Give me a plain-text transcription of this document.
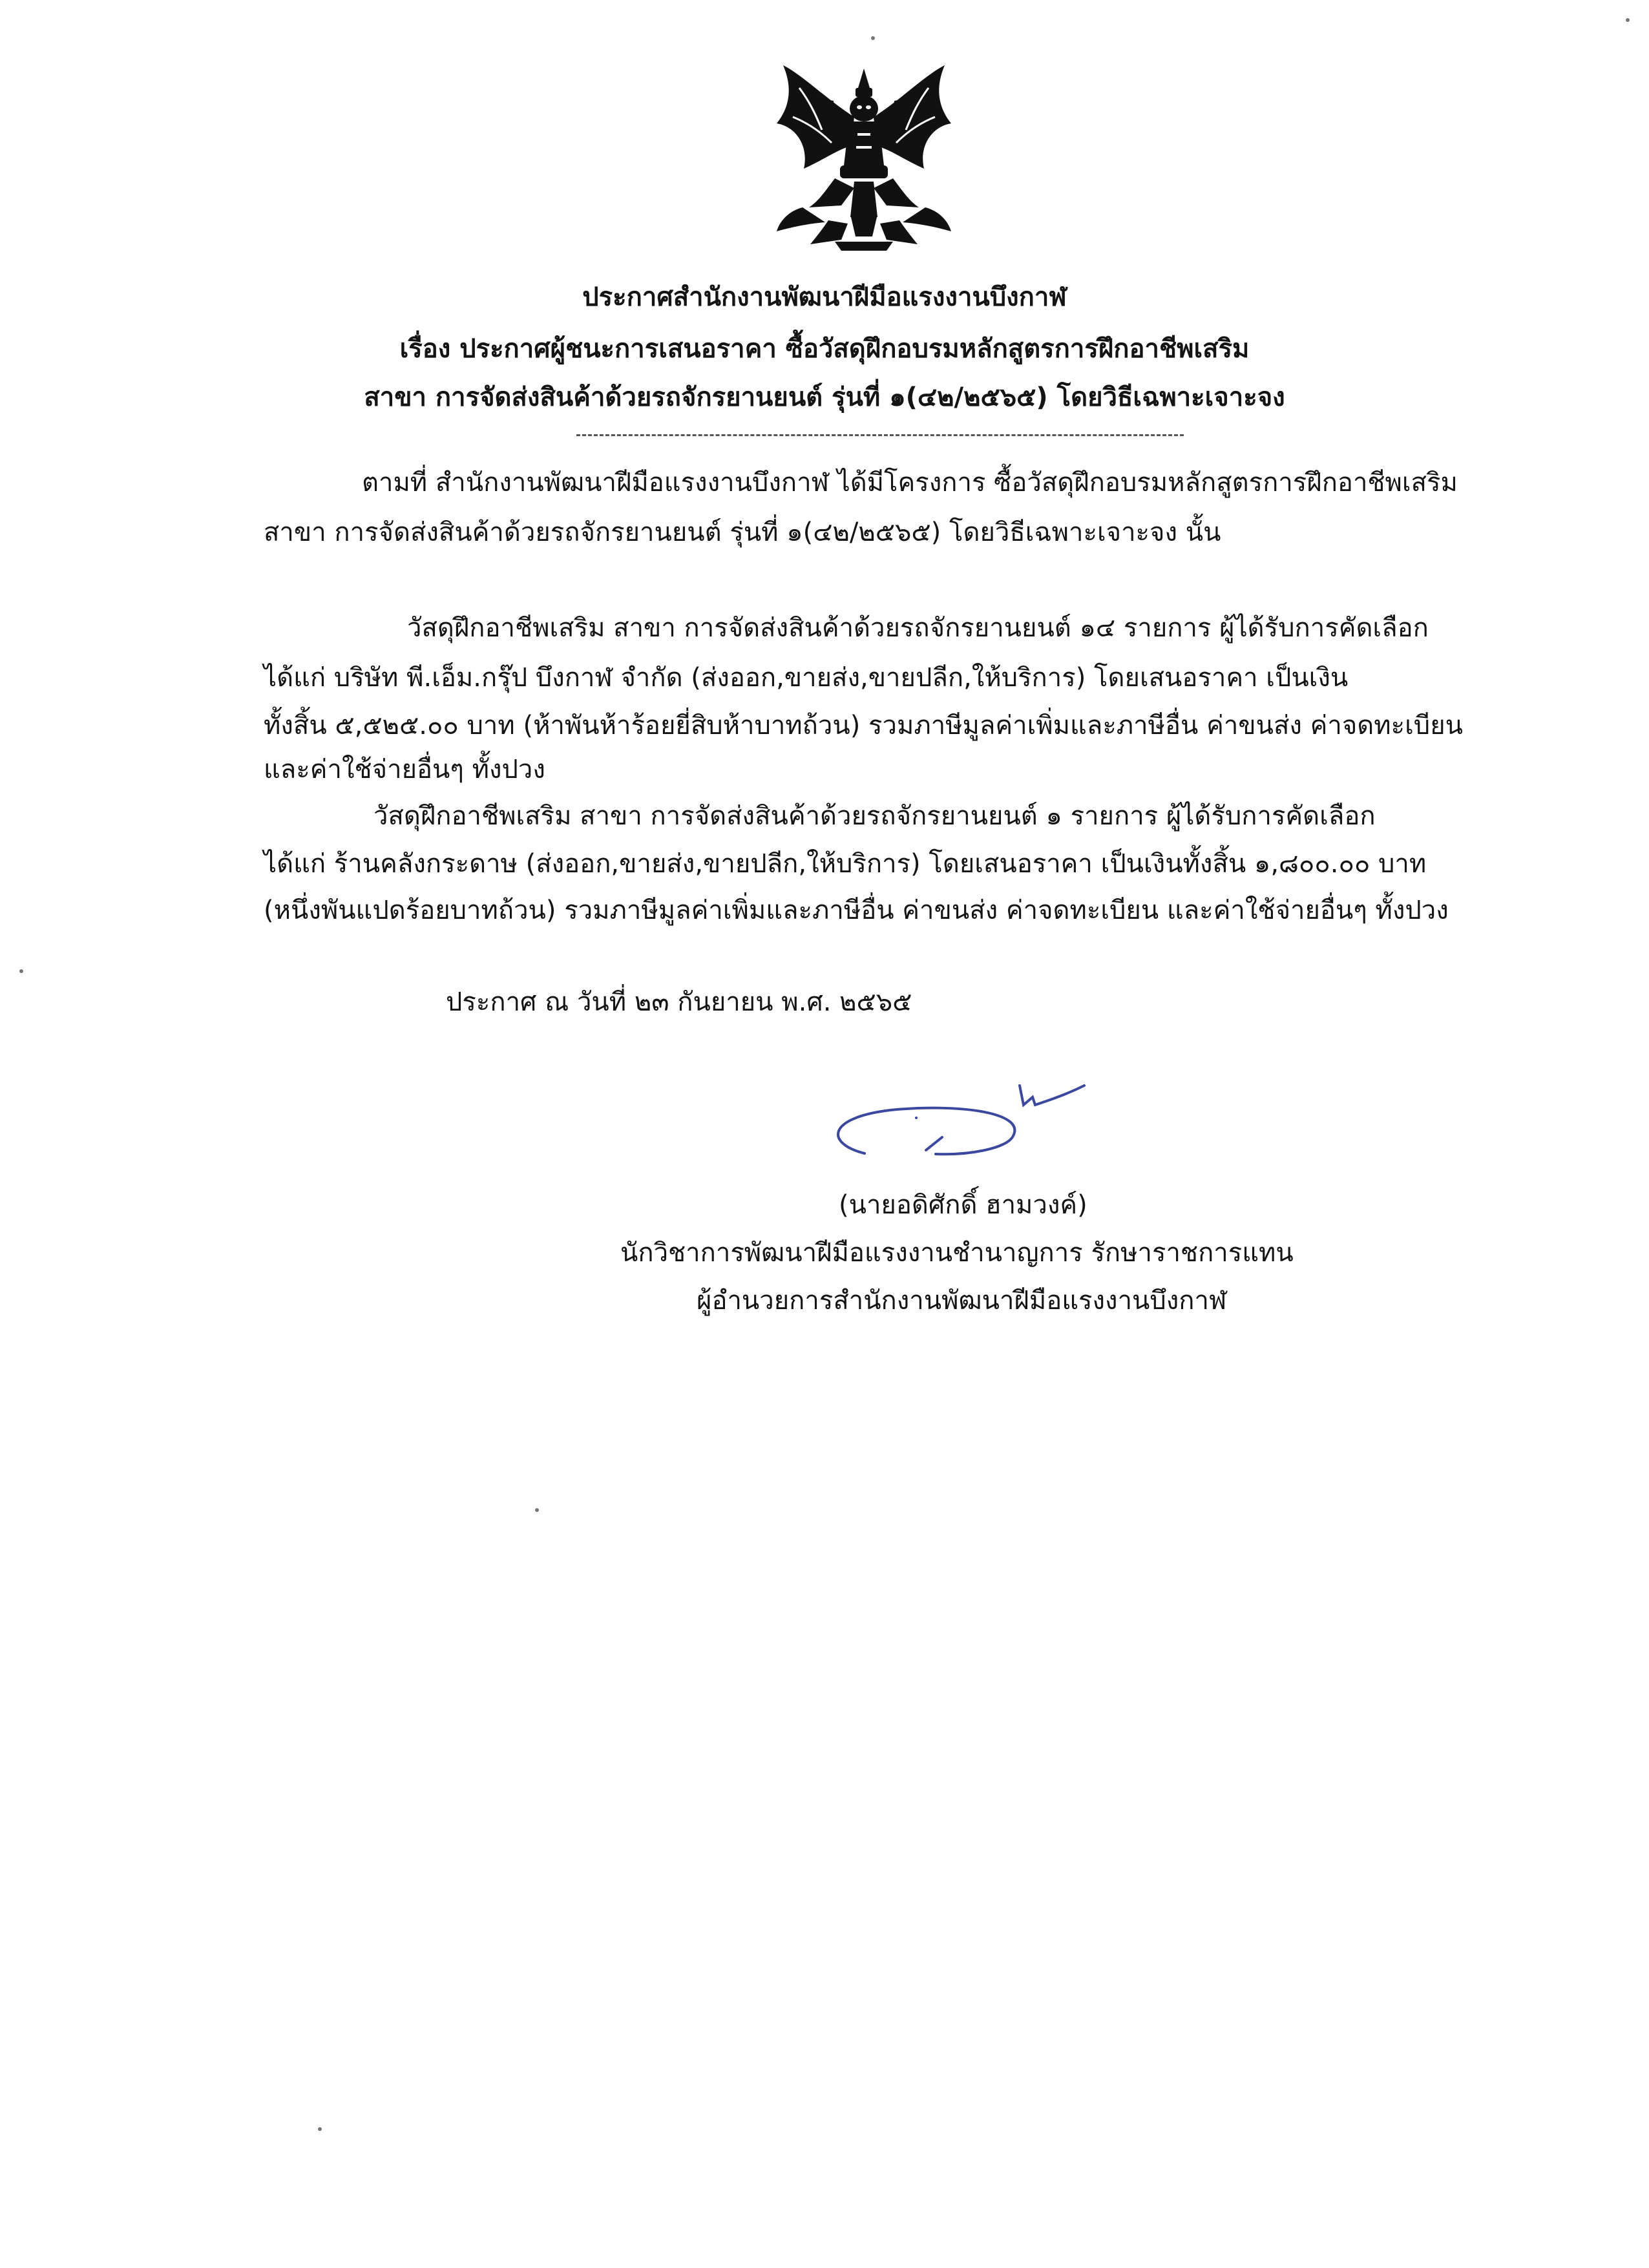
ประกาศสำนักงานพัฒนาฝีมือแรงงานบึงกาฬ
เรื่อง ประกาศผู้ชนะการเสนอราคา ซื้อวัสดุฝึกอบรมหลักสูตรการฝึกอาชีพเสริม
สาขา การจัดส่งสินค้าด้วยรถจักรยานยนต์ รุ่นที่ ๑(๔๒/๒๕๖๕) โดยวิธีเฉพาะเจาะจง
ตามที่ สำนักงานพัฒนาฝีมือแรงงานบึงกาฬ ได้มีโครงการ ซื้อวัสดุฝึกอบรมหลักสูตรการฝึกอาชีพเสริม
สาขา การจัดส่งสินค้าด้วยรถจักรยานยนต์ รุ่นที่ ๑(๔๒/๒๕๖๕) โดยวิธีเฉพาะเจาะจง นั้น
วัสดุฝึกอาชีพเสริม สาขา การจัดส่งสินค้าด้วยรถจักรยานยนต์ ๑๔ รายการ ผู้ได้รับการคัดเลือก
ได้แก่ บริษัท พี.เอ็ม.กรุ๊ป บึงกาฬ จำกัด (ส่งออก,ขายส่ง,ขายปลีก,ให้บริการ) โดยเสนอราคา เป็นเงิน
ทั้งสิ้น ๕,๕๒๕.๐๐ บาท (ห้าพันห้าร้อยยี่สิบห้าบาทถ้วน) รวมภาษีมูลค่าเพิ่มและภาษีอื่น ค่าขนส่ง ค่าจดทะเบียน
และค่าใช้จ่ายอื่นๆ ทั้งปวง
วัสดุฝึกอาชีพเสริม สาขา การจัดส่งสินค้าด้วยรถจักรยานยนต์ ๑ รายการ ผู้ได้รับการคัดเลือก
ได้แก่ ร้านคลังกระดาษ (ส่งออก,ขายส่ง,ขายปลีก,ให้บริการ) โดยเสนอราคา เป็นเงินทั้งสิ้น ๑,๘๐๐.๐๐ บาท
(หนึ่งพันแปดร้อยบาทถ้วน) รวมภาษีมูลค่าเพิ่มและภาษีอื่น ค่าขนส่ง ค่าจดทะเบียน และค่าใช้จ่ายอื่นๆ ทั้งปวง
ประกาศ ณ วันที่ ๒๓ กันยายน พ.ศ. ๒๕๖๕
(นายอดิศักดิ์ ฮามวงค์)
นักวิชาการพัฒนาฝีมือแรงงานชำนาญการ รักษาราชการแทน
ผู้อำนวยการสำนักงานพัฒนาฝีมือแรงงานบึงกาฬ
